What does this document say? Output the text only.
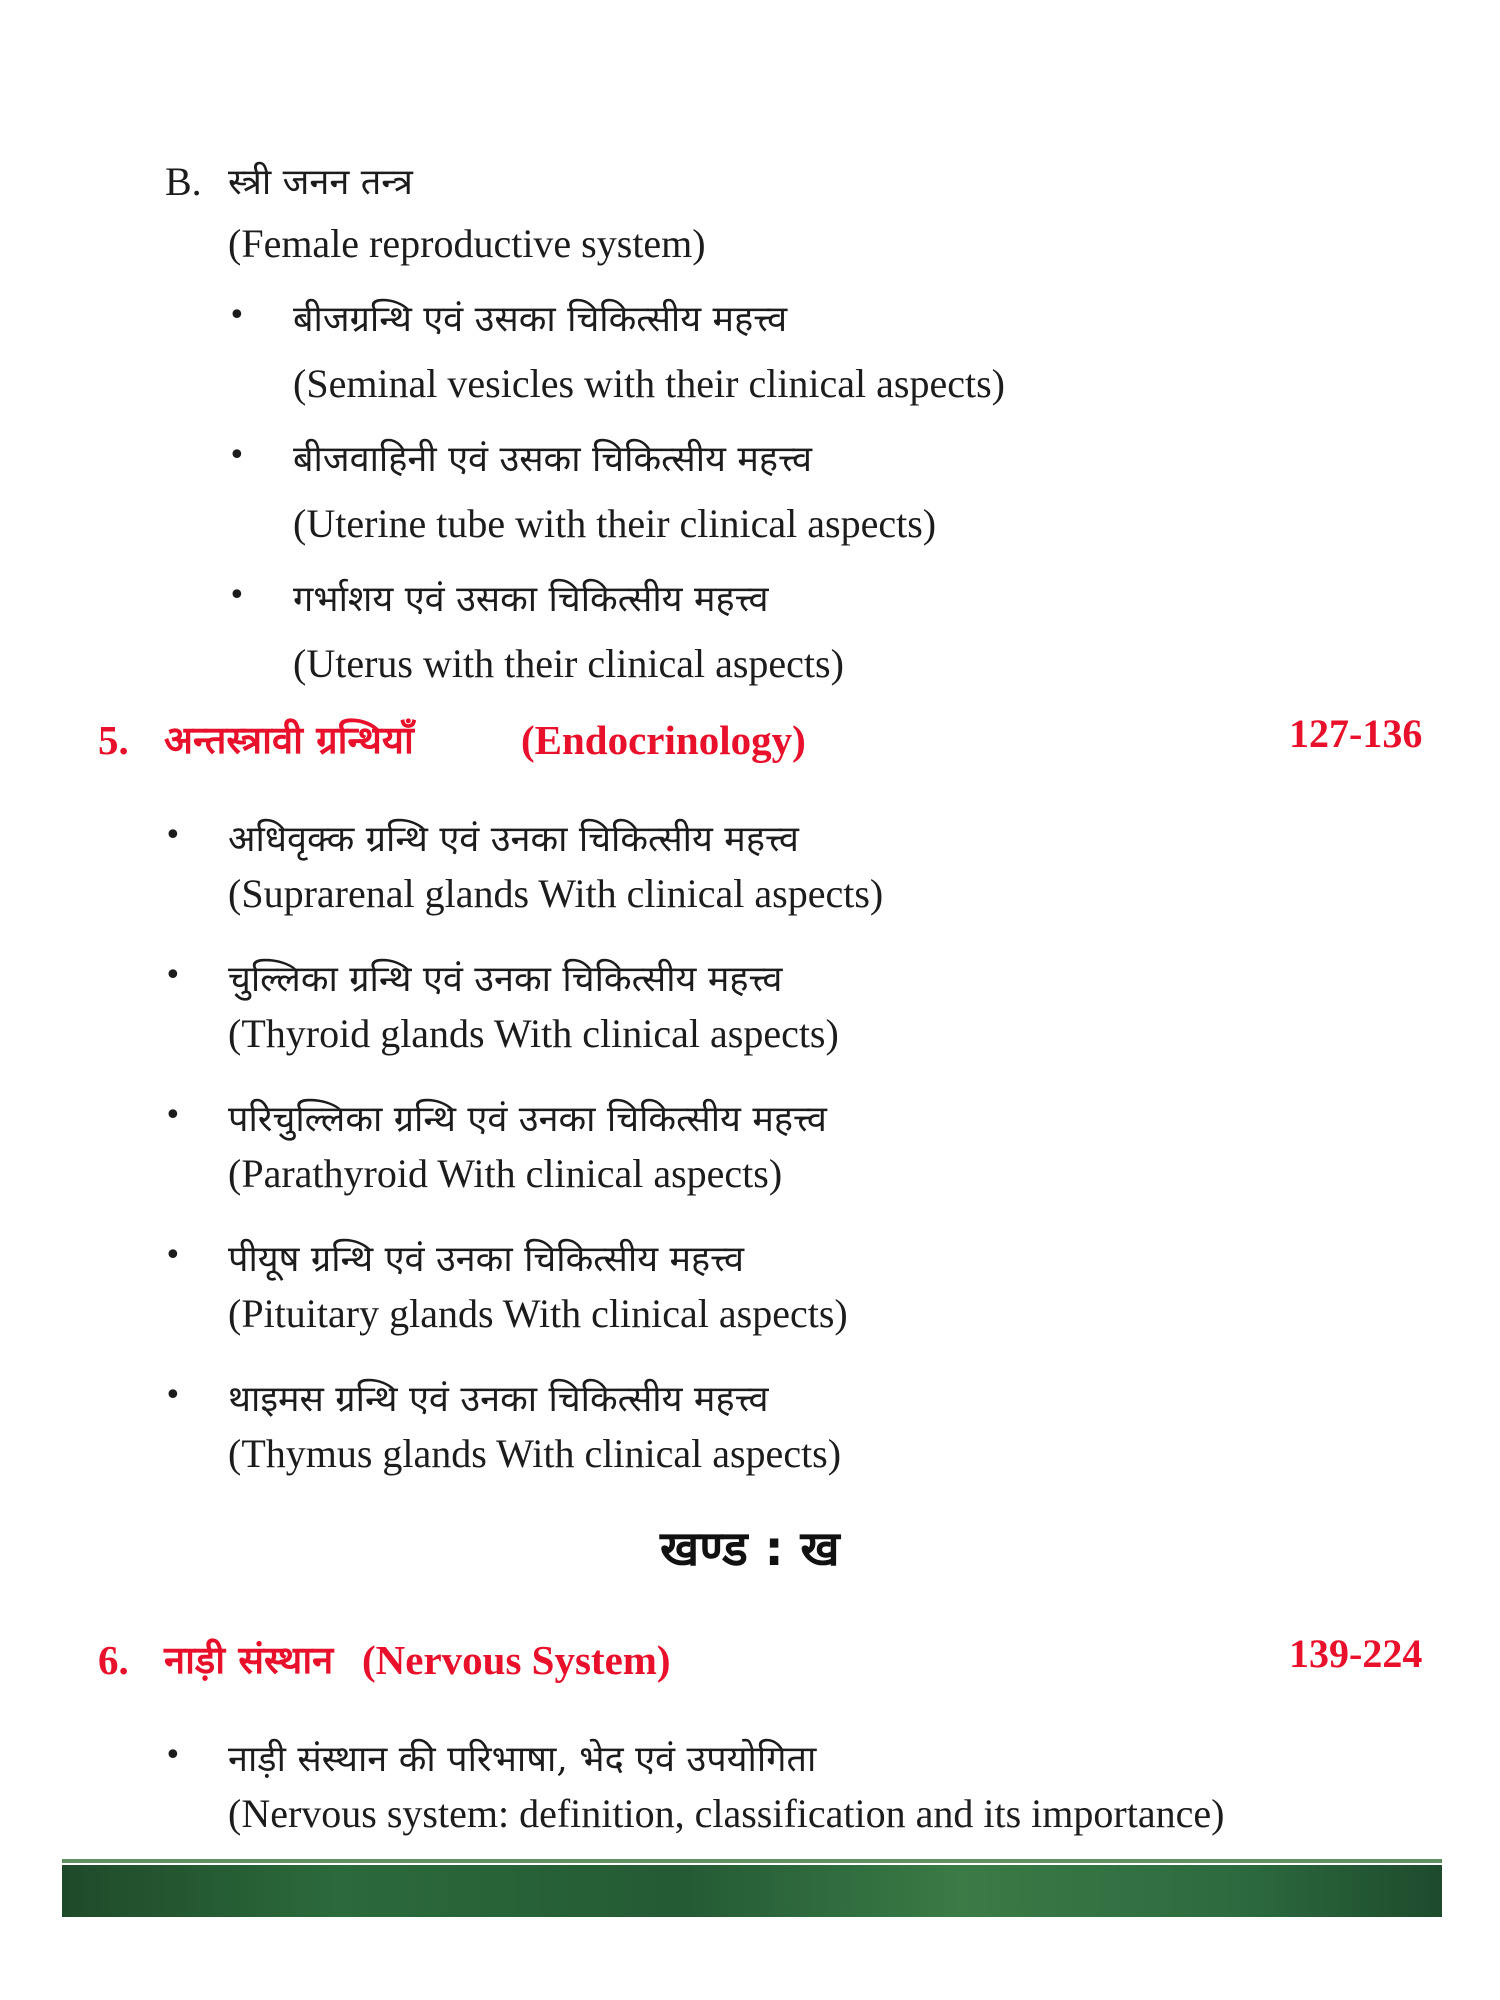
B. स्त्री जनन तन्त्र
(Female reproductive system)
• बीजग्रन्थि एवं उसका चिकित्सीय महत्त्व
(Seminal vesicles with their clinical aspects)
• बीजवाहिनी एवं उसका चिकित्सीय महत्त्व
(Uterine tube with their clinical aspects)
• गर्भाशय एवं उसका चिकित्सीय महत्त्व
(Uterus with their clinical aspects)
5. अन्तस्त्रावी ग्रन्थियाँ	(Endocrinology)	127-136
• अधिवृक्क ग्रन्थि एवं उनका चिकित्सीय महत्त्व
(Suprarenal glands With clinical aspects)
• चुल्लिका ग्रन्थि एवं उनका चिकित्सीय महत्त्व
(Thyroid glands With clinical aspects)
• परिचुल्लिका ग्रन्थि एवं उनका चिकित्सीय महत्त्व
(Parathyroid With clinical aspects)
• पीयूष ग्रन्थि एवं उनका चिकित्सीय महत्त्व
(Pituitary glands With clinical aspects)
• थाइमस ग्रन्थि एवं उनका चिकित्सीय महत्त्व
(Thymus glands With clinical aspects)
खण्ड : ख
6. नाड़ी संस्थान (Nervous System)	139-224
• नाड़ी संस्थान की परिभाषा, भेद एवं उपयोगिता
(Nervous system: definition, classification and its importance)
